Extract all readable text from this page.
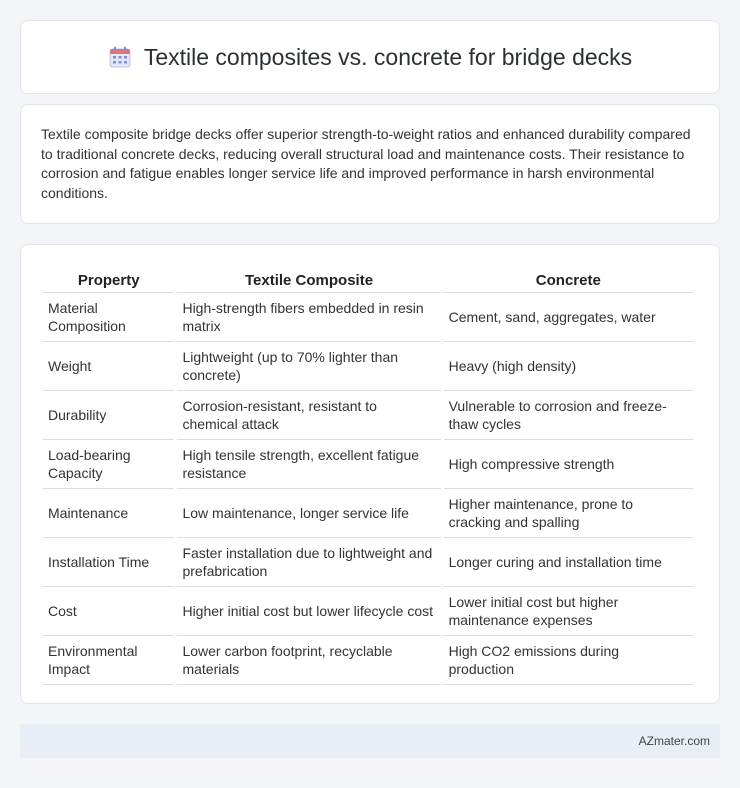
Textile composites vs. concrete for bridge decks

Textile composite bridge decks offer superior strength-to-weight ratios and enhanced durability compared to traditional concrete decks, reducing overall structural load and maintenance costs. Their resistance to corrosion and fatigue enables longer service life and improved performance in harsh environmental conditions.

Property	Textile Composite	Concrete
Material Composition	High-strength fibers embedded in resin matrix	Cement, sand, aggregates, water
Weight	Lightweight (up to 70% lighter than concrete)	Heavy (high density)
Durability	Corrosion-resistant, resistant to chemical attack	Vulnerable to corrosion and freeze-thaw cycles
Load-bearing Capacity	High tensile strength, excellent fatigue resistance	High compressive strength
Maintenance	Low maintenance, longer service life	Higher maintenance, prone to cracking and spalling
Installation Time	Faster installation due to lightweight and prefabrication	Longer curing and installation time
Cost	Higher initial cost but lower lifecycle cost	Lower initial cost but higher maintenance expenses
Environmental Impact	Lower carbon footprint, recyclable materials	High CO2 emissions during production
AZmater.com
